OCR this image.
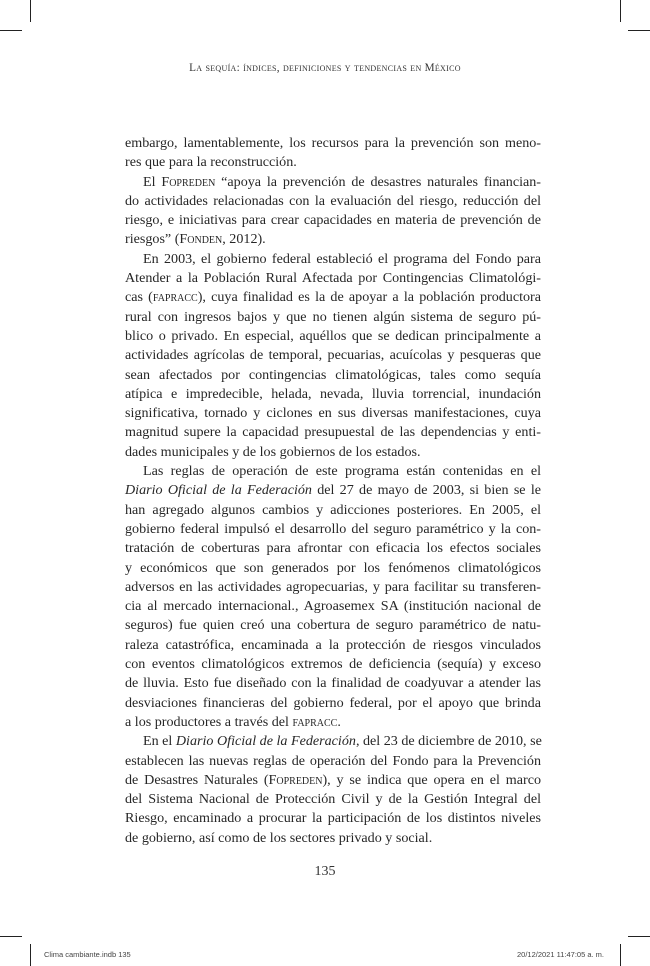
La sequía: índices, definiciones y tendencias en México
embargo, lamentablemente, los recursos para la prevención son meno-
res que para la reconstrucción.
El Fopreden “apoya la prevención de desastres naturales financian-
do actividades relacionadas con la evaluación del riesgo, reducción del
riesgo, e iniciativas para crear capacidades en materia de prevención de
riesgos” (Fonden, 2012).
En 2003, el gobierno federal estableció el programa del Fondo para
Atender a la Población Rural Afectada por Contingencias Climatológi-
cas (fapracc), cuya finalidad es la de apoyar a la población productora
rural con ingresos bajos y que no tienen algún sistema de seguro pú-
blico o privado. En especial, aquéllos que se dedican principalmente a
actividades agrícolas de temporal, pecuarias, acuícolas y pesqueras que
sean afectados por contingencias climatológicas, tales como sequía
atípica e impredecible, helada, nevada, lluvia torrencial, inundación
significativa, tornado y ciclones en sus diversas manifestaciones, cuya
magnitud supere la capacidad presupuestal de las dependencias y enti-
dades municipales y de los gobiernos de los estados.
Las reglas de operación de este programa están contenidas en el
Diario Oficial de la Federación del 27 de mayo de 2003, si bien se le
han agregado algunos cambios y adicciones posteriores. En 2005, el
gobierno federal impulsó el desarrollo del seguro paramétrico y la con-
tratación de coberturas para afrontar con eficacia los efectos sociales
y económicos que son generados por los fenómenos climatológicos
adversos en las actividades agropecuarias, y para facilitar su transferen-
cia al mercado internacional., Agroasemex SA (institución nacional de
seguros) fue quien creó una cobertura de seguro paramétrico de natu-
raleza catastrófica, encaminada a la protección de riesgos vinculados
con eventos climatológicos extremos de deficiencia (sequía) y exceso
de lluvia. Esto fue diseñado con la finalidad de coadyuvar a atender las
desviaciones financieras del gobierno federal, por el apoyo que brinda
a los productores a través del fapracc.
En el Diario Oficial de la Federación, del 23 de diciembre de 2010, se
establecen las nuevas reglas de operación del Fondo para la Prevención
de Desastres Naturales (Fopreden), y se indica que opera en el marco
del Sistema Nacional de Protección Civil y de la Gestión Integral del
Riesgo, encaminado a procurar la participación de los distintos niveles
de gobierno, así como de los sectores privado y social.
135
Clima cambiante.indb 135	20/12/2021 11:47:05 a. m.
